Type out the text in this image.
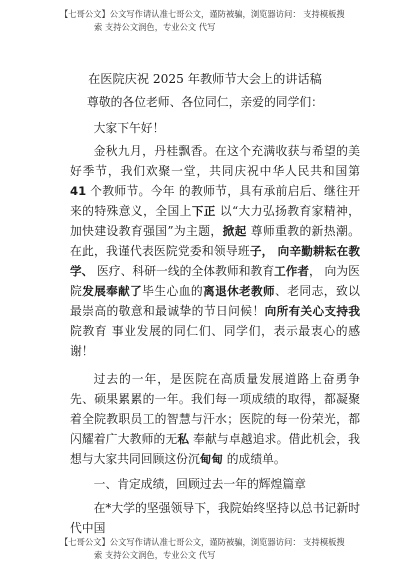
【七哥公文】公文写作请认准七哥公文，谨防被骗，浏览器访问： 支持模板搜
索 支持公文润色，专业公文 代写
在医院庆祝 2025 年教师节大会上的讲话稿
尊敬的各位老师、各位同仁，亲爱的同学们：

大家下午好！

金秋九月，丹桂飘香。在这个充满收获与希望的美好季节，我们欢聚一堂，共同庆祝中华人民共和国第 41 个教师节。今年 的教师节，具有承前启后、继往开来的特殊意义，全国上下正 以“大力弘扬教育家精神，加快建设教育强国”为主题，掀起 尊师重教的新热潮。在此，我谨代表医院党委和领导班子， 向辛勤耕耘在教学、 医疗、科研一线的全体教师和教育工作者， 向为医院发展奉献了毕生心血的离退休老教师、老同志，致以 最崇高的敬意和最诚挚的节日问候！向所有关心支持我院教育 事业发展的同仁们、同学们，表示最衷心的感谢！

过去的一年，是医院在高质量发展道路上奋勇争先、硕果累累的一年。我们每一项成绩的取得，都凝聚着全院教职员工的智慧与汗水；医院的每一份荣光，都闪耀着广大教师的无私 奉献与卓越追求。借此机会，我想与大家共同回顾这份沉甸甸 的成绩单。

一、肯定成绩，回顾过去一年的辉煌篇章

在*大学的坚强领导下，我院始终坚持以总书记新时代中国

【七哥公文】公文写作请认准七哥公文，谨防被骗，浏览器访问： 支持模板搜
索 支持公文润色，专业公文 代写
